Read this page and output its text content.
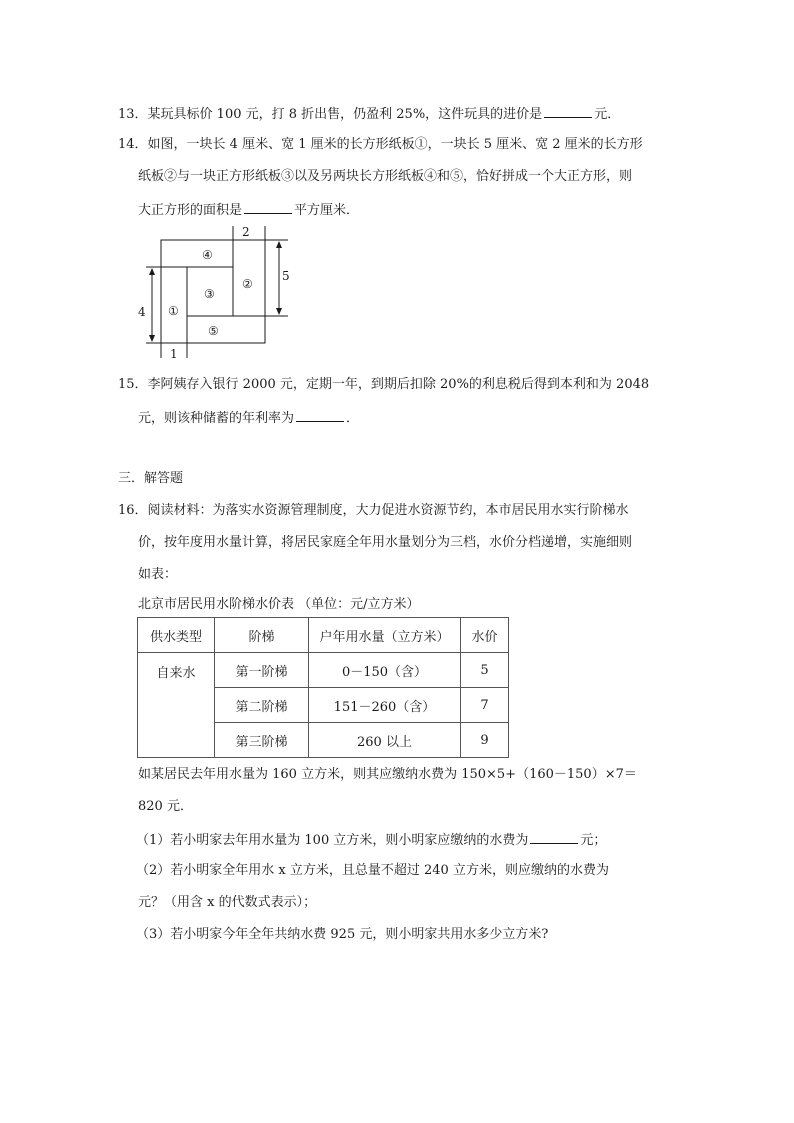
13．某玩具标价 100 元，打 8 折出售，仍盈利 25%，这件玩具的进价是	元．
14．如图，一块长 4 厘米、宽 1 厘米的长方形纸板①，一块长 5 厘米、宽 2 厘米的长方形
纸板②与一块正方形纸板③以及另两块长方形纸板④和⑤，恰好拼成一个大正方形，则
大正方形的面积是	平方厘米．
2
5
4
1
④
②
③
①
⑤
15．李阿姨存入银行 2000 元，定期一年，到期后扣除 20%的利息税后得到本利和为 2048
元，则该种储蓄的年利率为	．
三．解答题
16．阅读材料：为落实水资源管理制度，大力促进水资源节约，本市居民用水实行阶梯水
价，按年度用水量计算，将居民家庭全年用水量划分为三档，水价分档递增，实施细则
如表：
北京市居民用水阶梯水价表 （单位：元/立方米）
供水类型	阶梯	户年用水量（立方米）	水价
自来水	第一阶梯	0－150（含）	5
	第二阶梯	151－260（含）	7
	第三阶梯	260 以上	9
如某居民去年用水量为 160 立方米，则其应缴纳水费为 150×5+（160－150）×7＝
820 元．
（1）若小明家去年用水量为 100 立方米，则小明家应缴纳的水费为	元；
（2）若小明家全年用水 x 立方米，且总量不超过 240 立方米，则应缴纳的水费为
元？（用含 x 的代数式表示）；
（3）若小明家今年全年共纳水费 925 元，则小明家共用水多少立方米?
